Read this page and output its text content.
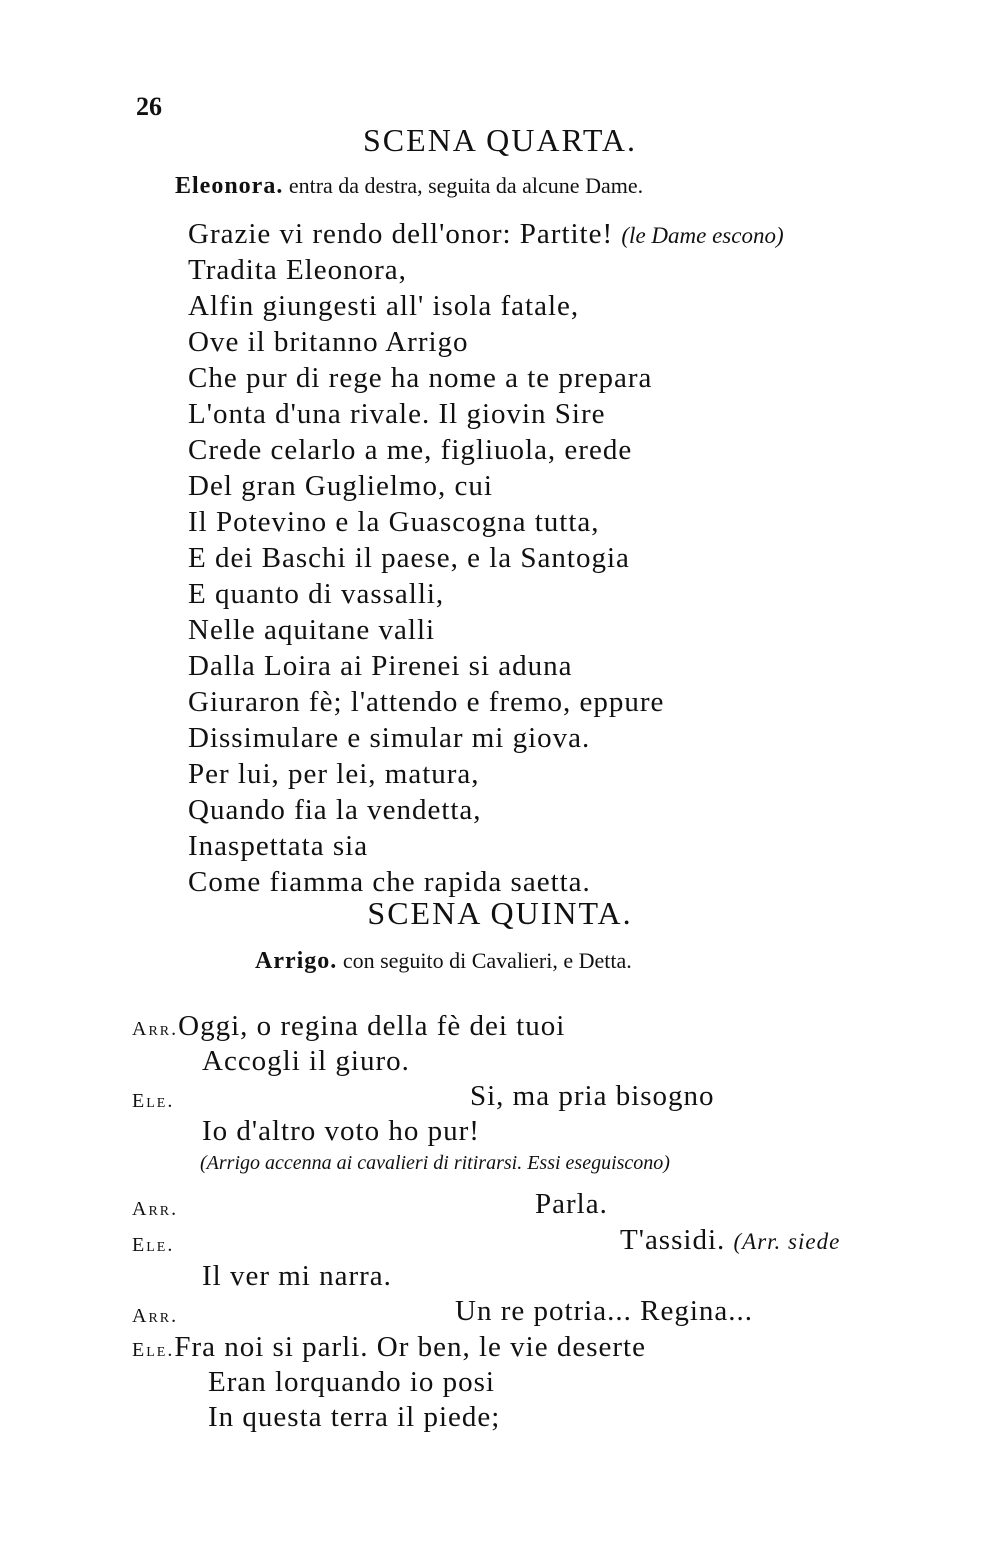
26
SCENA QUARTA.
Eleonora. entra da destra, seguita da alcune Dame.
Grazie vi rendo dell'onor: Partite! (le Dame escono)
Tradita Eleonora,
Alfin giungesti all' isola fatale,
Ove il britanno Arrigo
Che pur di rege ha nome a te prepara
L'onta d'una rivale. Il giovin Sire
Crede celarlo a me, figliuola, erede
Del gran Guglielmo, cui
Il Potevino e la Guascogna tutta,
E dei Baschi il paese, e la Santogia
E quanto di vassalli,
Nelle aquitane valli
Dalla Loira ai Pirenei si aduna
Giuraron fè; l'attendo e fremo, eppure
Dissimulare e simular mi giova.
Per lui, per lei, matura,
Quando fia la vendetta,
Inaspettata sia
Come fiamma che rapida saetta.
SCENA QUINTA.
Arrigo. con seguito di Cavalieri, e Detta.
Arr.Oggi, o regina della fè dei tuoi
Accogli il giuro.
Ele.	Si, ma pria bisogno
Io d'altro voto ho pur!
(Arrigo accenna ai cavalieri di ritirarsi. Essi eseguiscono)
Arr.	Parla.
Ele.	T'assidi. (Arr. siede
Il ver mi narra.
Arr.	Un re potria... Regina...
Ele.Fra noi si parli. Or ben, le vie deserte
Eran lorquando io posi
In questa terra il piede;
